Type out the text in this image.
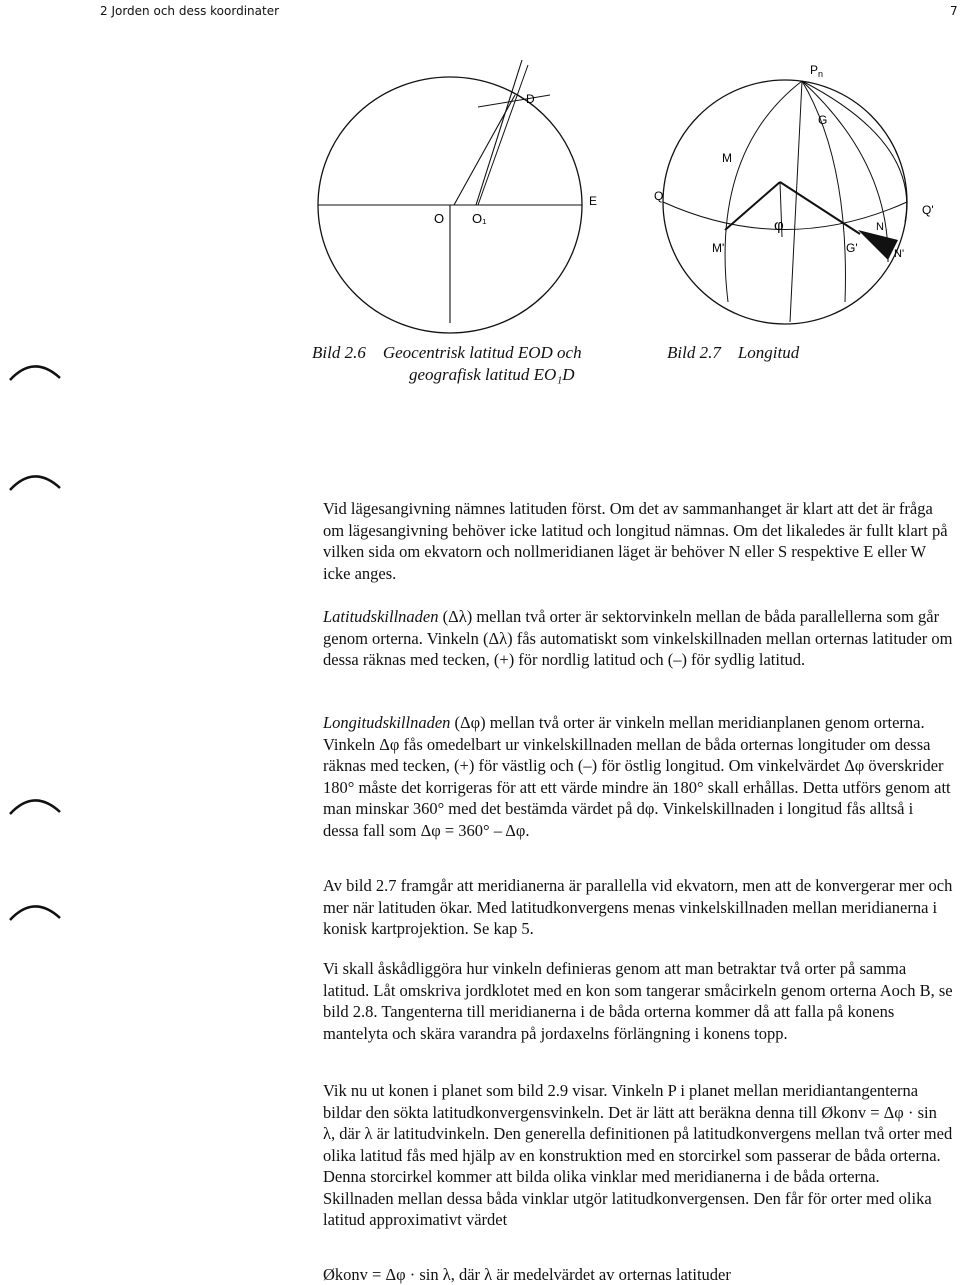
2 Jorden och dess koordinater	7
D
O O₁
E
Bild 2.6 Geocentrisk latitud EOD och
geografisk latitud EO₁D
$P_n$
G
M
Q
Q'
M'	G'
N
N'
φ
Bild 2.7 Longitud

Vid lägesangivning nämnes latituden först. Om det av sammanhanget är klart att det är fråga om lägesangivning behöver icke latitud och longitud nämnas. Om det likaledes är fullt klart på vilken sida om ekvatorn och nollmeridianen läget är behöver N eller S respektive E eller W icke anges.

Latitudskillnaden (Δλ) mellan två orter är sektorvinkeln mellan de båda parallellerna som går genom orterna. Vinkeln (Δλ) fås automatiskt som vinkelskillnaden mellan orternas latituder om dessa räknas med tecken, (+) för nordlig latitud och (–) för sydlig latitud.

Longitudskillnaden (Δφ) mellan två orter är vinkeln mellan meridianplanen genom orterna. Vinkeln Δφ fås omedelbart ur vinkelskillnaden mellan de båda orternas longituder om dessa räknas med tecken, (+) för västlig och (–) för östlig longitud. Om vinkelvärdet Δφ överskrider 180° måste det korrigeras för att ett värde mindre än 180° skall erhållas. Detta utförs genom att man minskar 360° med det bestämda värdet på dφ. Vinkelskillnaden i longitud fås alltså i dessa fall som Δφ = 360° – Δφ.

Av bild 2.7 framgår att meridianerna är parallella vid ekvatorn, men att de konvergerar mer och mer när latituden ökar. Med latitudkonvergens menas vinkelskillnaden mellan meridianerna i konisk kartprojektion. Se kap 5.

Vi skall åskådliggöra hur vinkeln definieras genom att man betraktar två orter på samma latitud. Låt omskriva jordklotet med en kon som tangerar småcirkeln genom orterna Aoch B, se bild 2.8. Tangenterna till meridianerna i de båda orterna kommer då att falla på konens mantelyta och skära varandra på jordaxelns förlängning i konens topp.

Vik nu ut konen i planet som bild 2.9 visar. Vinkeln P i planet mellan meridiantangenterna bildar den sökta latitudkonvergensvinkeln. Det är lätt att beräkna denna till Økonv = Δφ · sin λ, där λ är latitudvinkeln. Den generella definitionen på latitudkonvergens mellan två orter med olika latitud fås med hjälp av en konstruktion med en storcirkel som passerar de båda orterna. Denna storcirkel kommer att bilda olika vinklar med meridianerna i de båda orterna. Skillnaden mellan dessa båda vinklar utgör latitudkonvergensen. Den får för orter med olika latitud approximativt värdet

Økonv = Δφ · sin λ, där λ är medelvärdet av orternas latituder
